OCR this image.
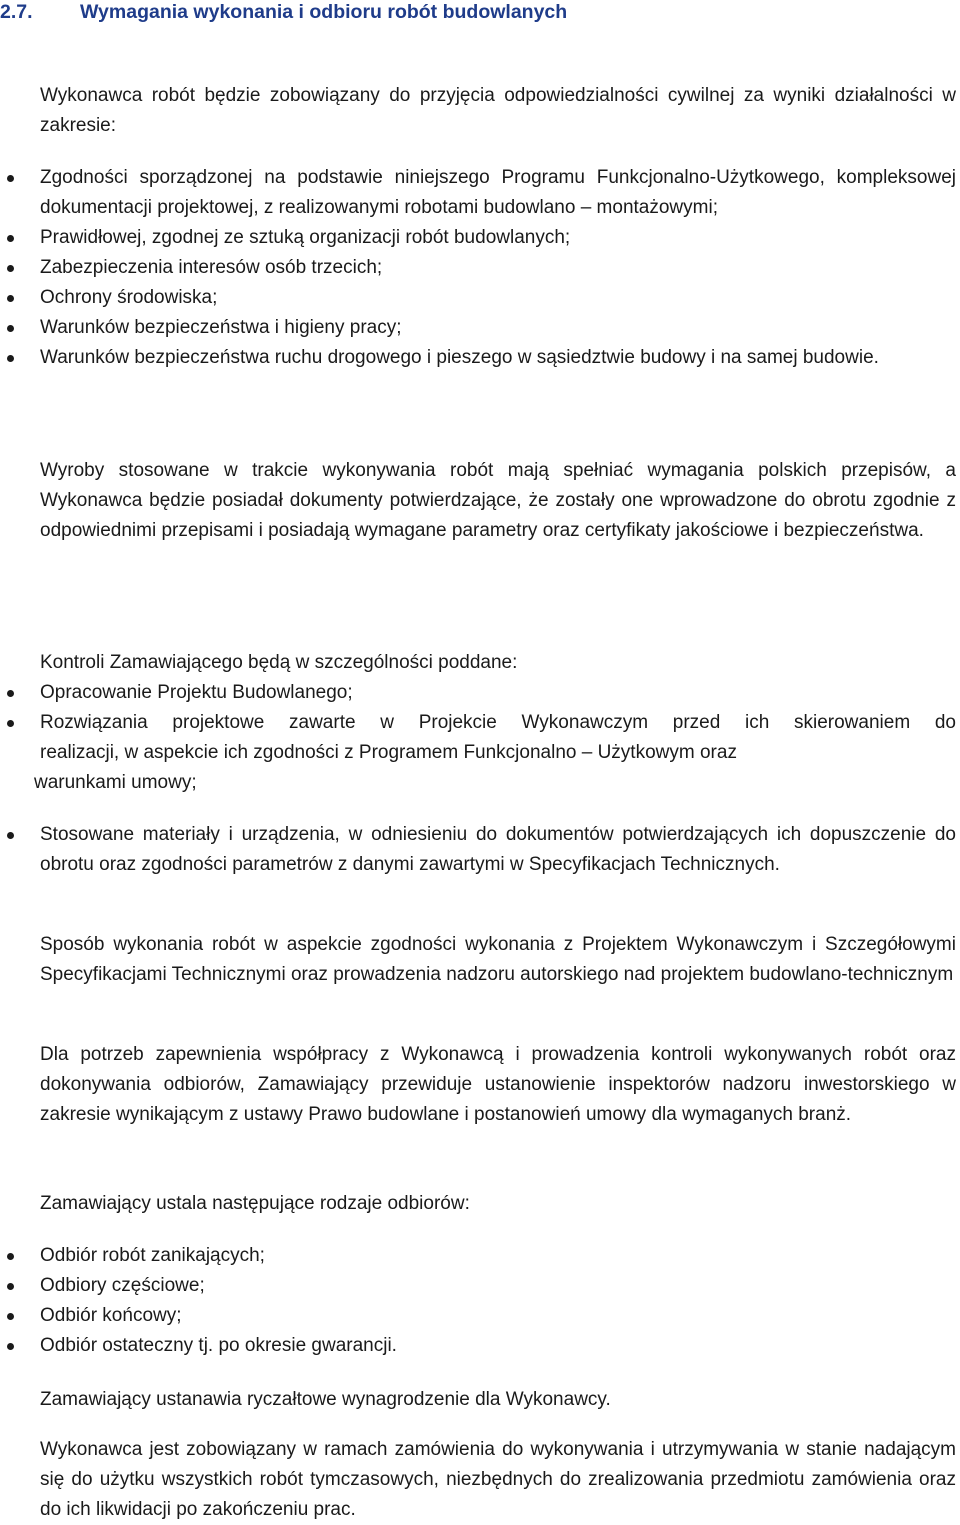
2.7. Wymagania wykonania i odbioru robót budowlanych

Wykonawca robót będzie zobowiązany do przyjęcia odpowiedzialności cywilnej za wyniki działalności w zakresie:

Zgodności sporządzonej na podstawie niniejszego Programu Funkcjonalno-Użytkowego, kompleksowej dokumentacji projektowej, z realizowanymi robotami budowlano – montażowymi;
Prawidłowej, zgodnej ze sztuką organizacji robót budowlanych;
Zabezpieczenia interesów osób trzecich;
Ochrony środowiska;
Warunków bezpieczeństwa i higieny pracy;
Warunków bezpieczeństwa ruchu drogowego i pieszego w sąsiedztwie budowy i na samej budowie.

Wyroby stosowane w trakcie wykonywania robót mają spełniać wymagania polskich przepisów, a Wykonawca będzie posiadał dokumenty potwierdzające, że zostały one wprowadzone do obrotu zgodnie z odpowiednimi przepisami i posiadają wymagane parametry oraz certyfikaty jakościowe i bezpieczeństwa.

Kontroli Zamawiającego będą w szczególności poddane:

Opracowanie Projektu Budowlanego;
Rozwiązania projektowe zawarte w Projekcie Wykonawczym przed ich skierowaniem do
realizacji, w aspekcie ich zgodności z Programem Funkcjonalno – Użytkowym oraz
warunkami umowy;
Stosowane materiały i urządzenia, w odniesieniu do dokumentów potwierdzających ich dopuszczenie do obrotu oraz zgodności parametrów z danymi zawartymi w Specyfikacjach Technicznych.

Sposób wykonania robót w aspekcie zgodności wykonania z Projektem Wykonawczym i Szczegółowymi Specyfikacjami Technicznymi oraz prowadzenia nadzoru autorskiego nad projektem budowlano-technicznym

Dla potrzeb zapewnienia współpracy z Wykonawcą i prowadzenia kontroli wykonywanych robót oraz dokonywania odbiorów, Zamawiający przewiduje ustanowienie inspektorów nadzoru inwestorskiego w zakresie wynikającym z ustawy Prawo budowlane i postanowień umowy dla wymaganych branż.

Zamawiający ustala następujące rodzaje odbiorów:

Odbiór robót zanikających;
Odbiory częściowe;
Odbiór końcowy;
Odbiór ostateczny tj. po okresie gwarancji.

Zamawiający ustanawia ryczałtowe wynagrodzenie dla Wykonawcy.

Wykonawca jest zobowiązany w ramach zamówienia do wykonywania i utrzymywania w stanie nadającym się do użytku wszystkich robót tymczasowych, niezbędnych do zrealizowania przedmiotu zamówienia oraz do ich likwidacji po zakończeniu prac.
